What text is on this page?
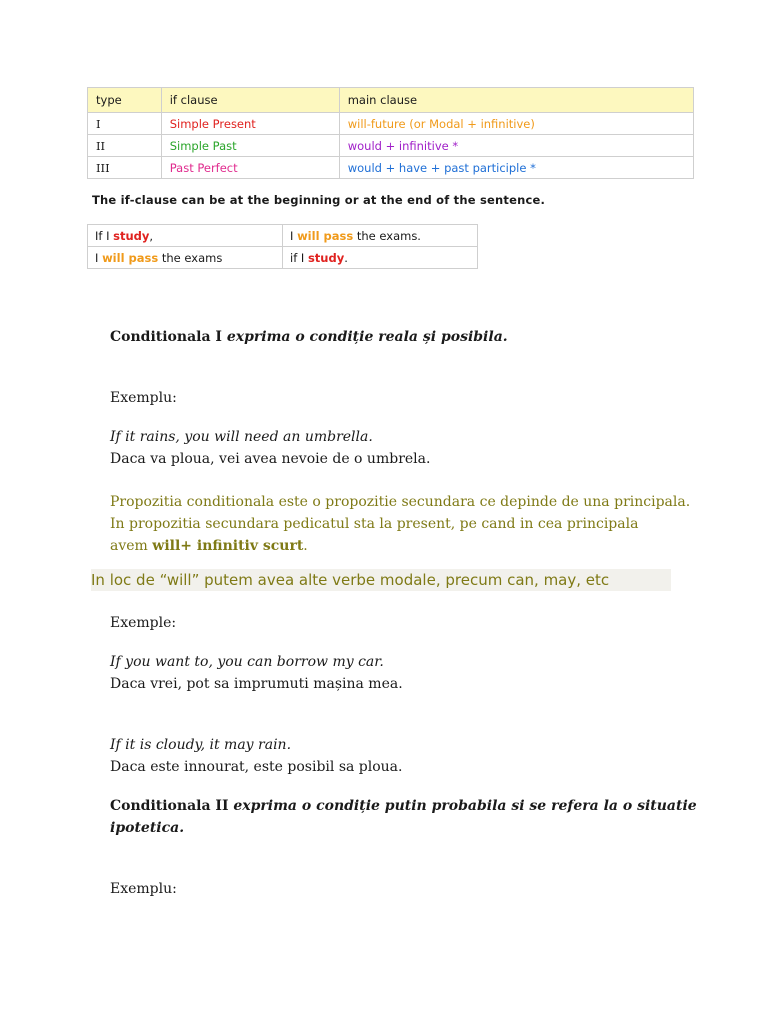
type	if clause	main clause
I	Simple Present	will-future (or Modal + infinitive)
II	Simple Past	would + infinitive *
III	Past Perfect	would + have + past participle *
The if-clause can be at the beginning or at the end of the sentence.
If I study,	I will pass the exams.
I will pass the exams	if I study.
Conditionala I exprima o condiție reala și posibila.
Exemplu:
If it rains, you will need an umbrella.
Daca va ploua, vei avea nevoie de o umbrela.
Propozitia conditionala este o propozitie secundara ce depinde de una principala.
In propozitia secundara pedicatul sta la present, pe cand in cea principala
avem will+ infinitiv scurt.
In loc de “will” putem avea alte verbe modale, precum can, may, etc
Exemple:
If you want to, you can borrow my car.
Daca vrei, pot sa imprumuti mașina mea.
If it is cloudy, it may rain.
Daca este innourat, este posibil sa ploua.
Conditionala II exprima o condiție putin probabila si se refera la o situatie
ipotetica.
Exemplu:
